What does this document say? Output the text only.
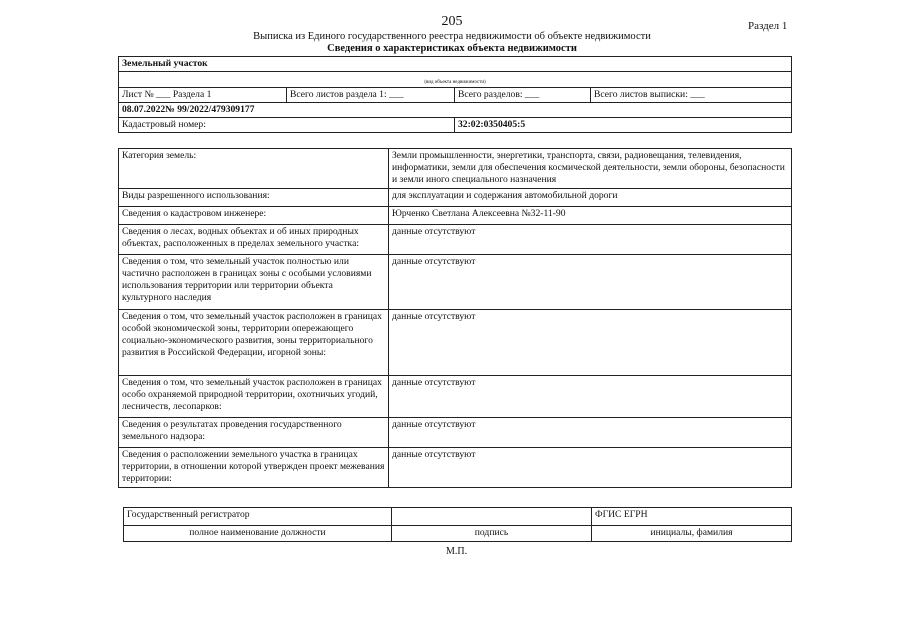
205	Раздел 1
Выписка из Единого государственного реестра недвижимости об объекте недвижимости
Сведения о характеристиках объекта недвижимости
Земельный участок			
(вид объекта недвижимости)			
Лист № ___ Раздела 1	Всего листов раздела 1: ___	Всего разделов: ___	Всего листов выписки: ___
08.07.2022№ 99/2022/479309177			
Кадастровый номер:		32:02:0350405:5	
Категория земель:	Земли промышленности, энергетики, транспорта, связи, радиовещания, телевидения, информатики, земли для обеспечения космической деятельности, земли обороны, безопасности и земли иного специального назначения
Виды разрешенного использования:	для эксплуатации и содержания автомобильной дороги
Сведения о кадастровом инженере:	Юрченко Светлана Алексеевна №32-11-90
Сведения о лесах, водных объектах и об иных природных объектах, расположенных в пределах земельного участка:	данные отсутствуют
Сведения о том, что земельный участок полностью или частично расположен в границах зоны с особыми условиями использования территории или территории объекта культурного наследия	данные отсутствуют
Сведения о том, что земельный участок расположен в границах особой экономической зоны, территории опережающего социально-экономического развития, зоны территориального развития в Российской Федерации, игорной зоны:	данные отсутствуют
Сведения о том, что земельный участок расположен в границах особо охраняемой природной территории, охотничьих угодий, лесничеств, лесопарков:	данные отсутствуют
Сведения о результатах проведения государственного земельного надзора:	данные отсутствуют
Сведения о расположении земельного участка в границах территории, в отношении которой утвержден проект межевания территории:	данные отсутствуют
Государственный регистратор		ФГИС ЕГРН
полное наименование должности	подпись	инициалы, фамилия
М.П.
